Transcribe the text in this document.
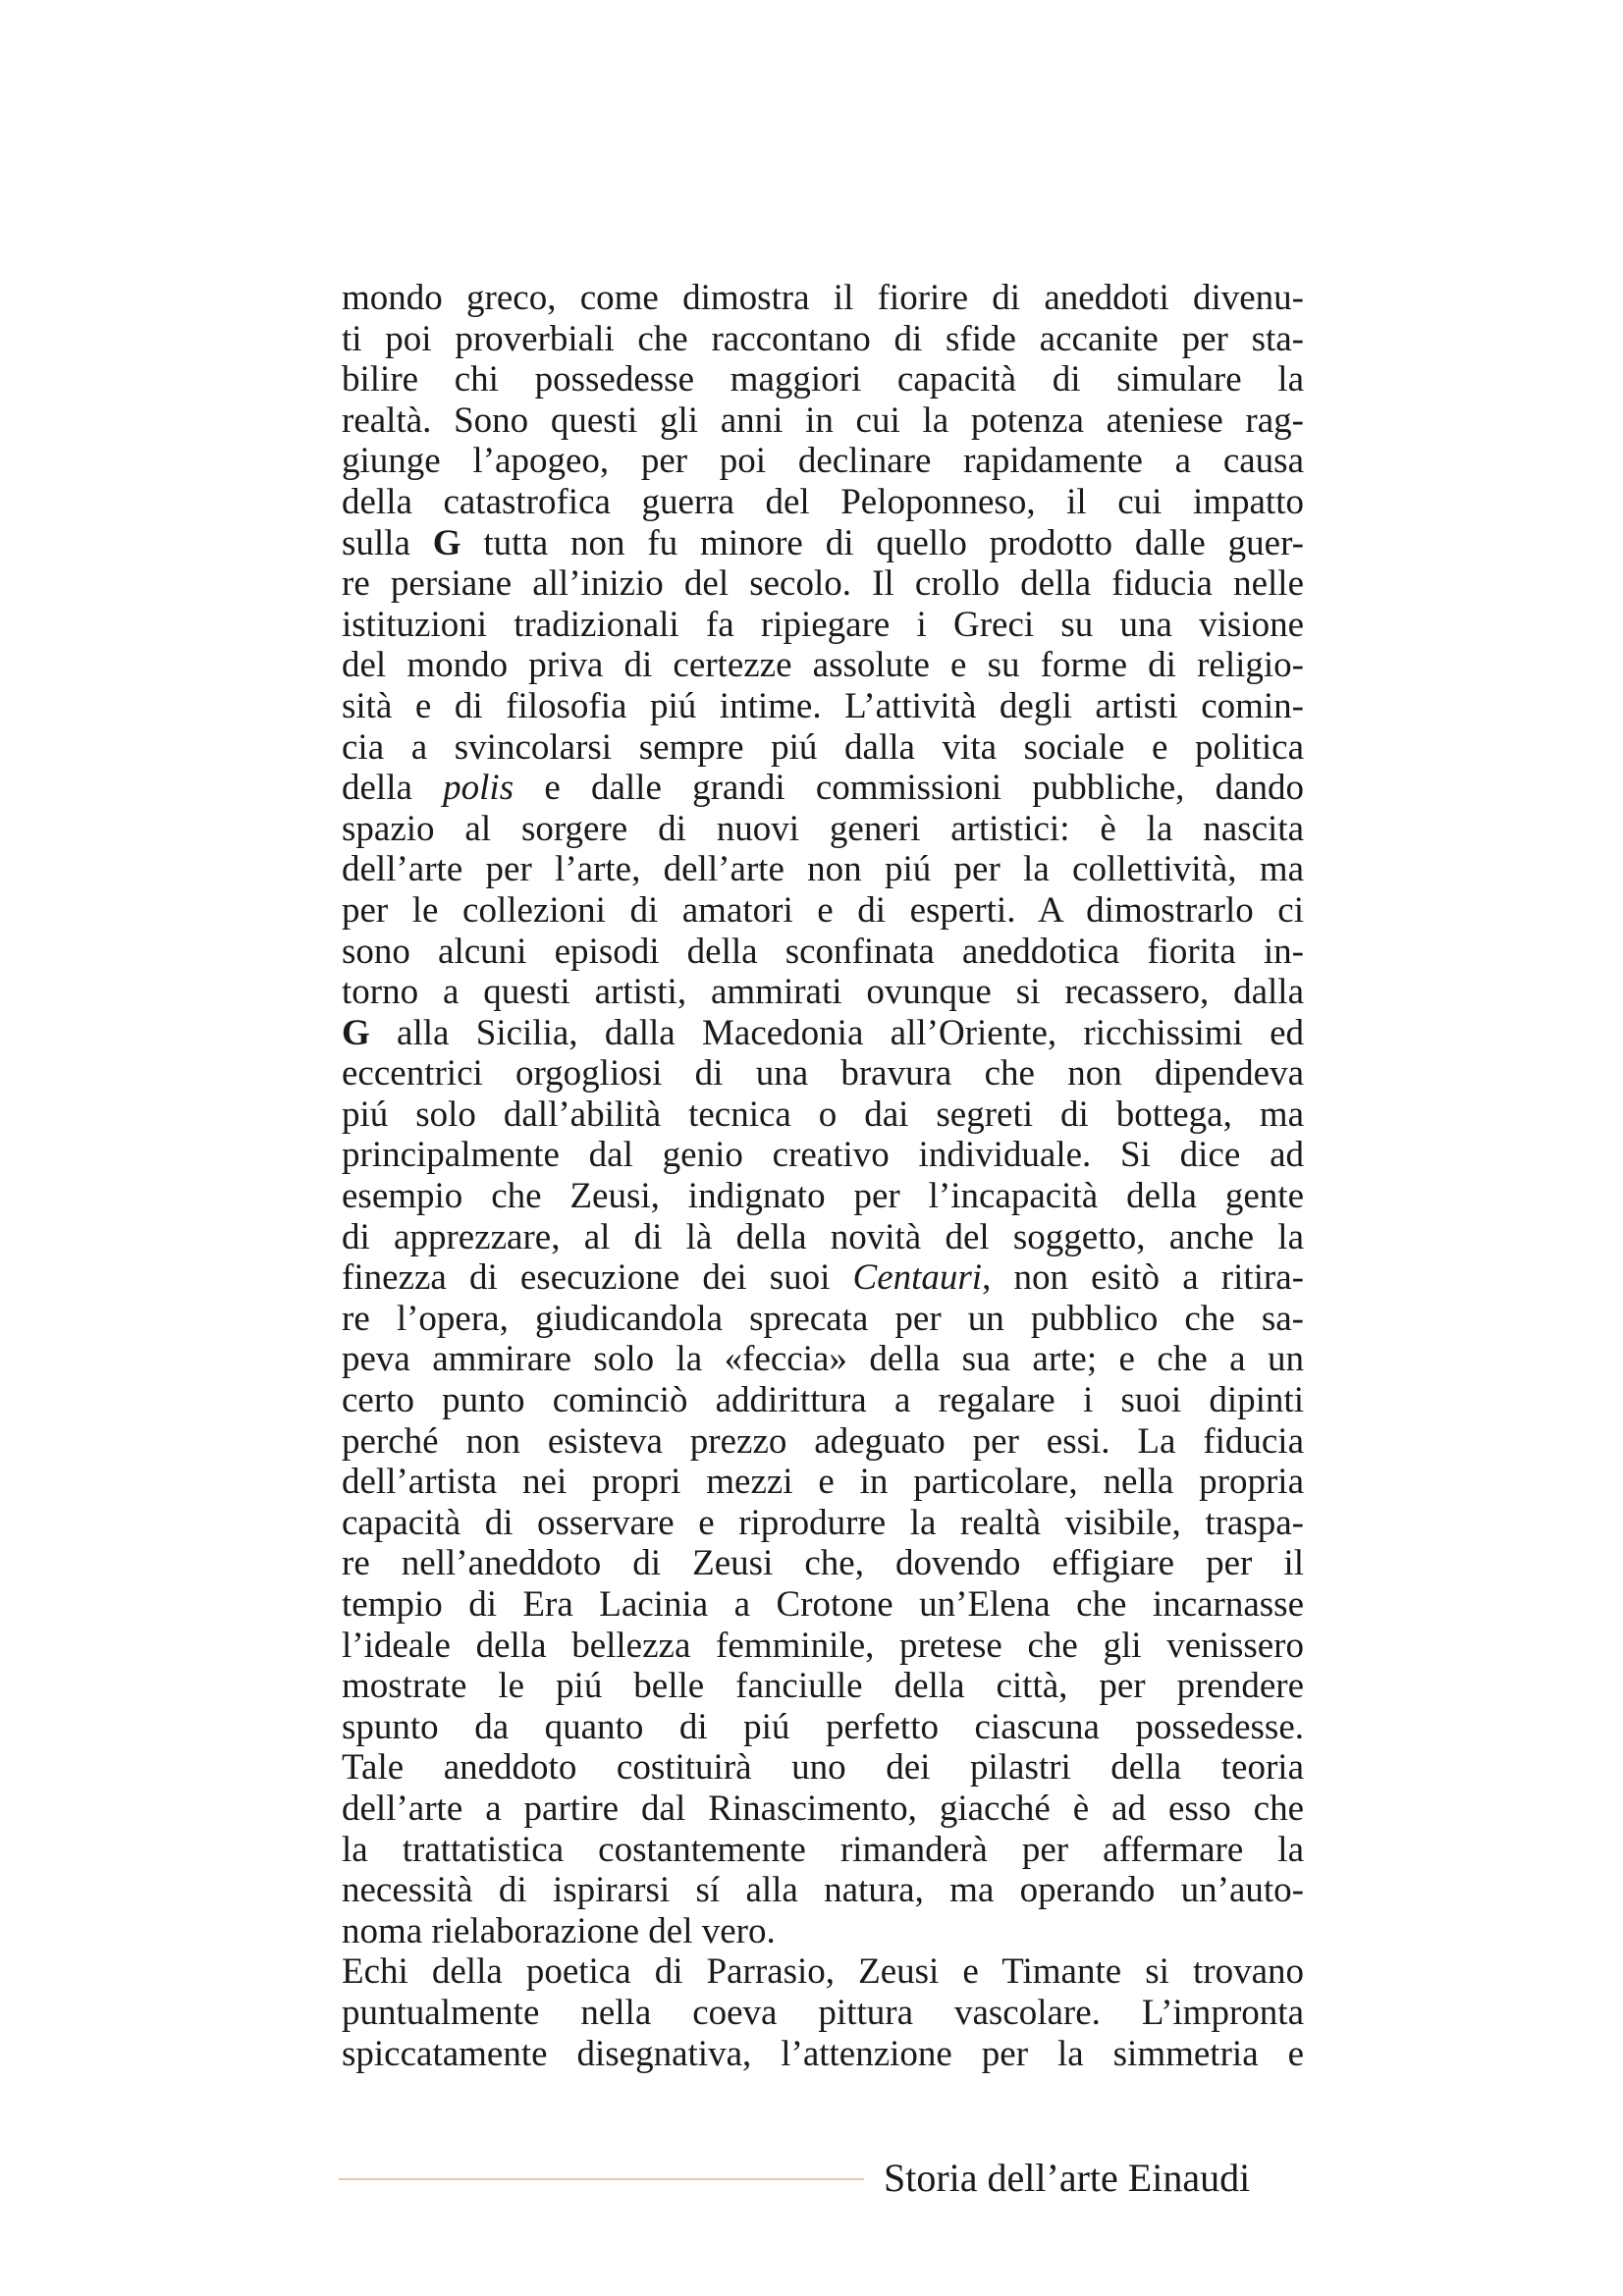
mondo greco, come dimostra il fiorire di aneddoti divenu-
ti poi proverbiali che raccontano di sfide accanite per sta-
bilire chi possedesse maggiori capacità di simulare la
realtà. Sono questi gli anni in cui la potenza ateniese rag-
giunge l’apogeo, per poi declinare rapidamente a causa
della catastrofica guerra del Peloponneso, il cui impatto
sulla G tutta non fu minore di quello prodotto dalle guer-
re persiane all’inizio del secolo. Il crollo della fiducia nelle
istituzioni tradizionali fa ripiegare i Greci su una visione
del mondo priva di certezze assolute e su forme di religio-
sità e di filosofia piú intime. L’attività degli artisti comin-
cia a svincolarsi sempre piú dalla vita sociale e politica
della polis e dalle grandi commissioni pubbliche, dando
spazio al sorgere di nuovi generi artistici: è la nascita
dell’arte per l’arte, dell’arte non piú per la collettività, ma
per le collezioni di amatori e di esperti. A dimostrarlo ci
sono alcuni episodi della sconfinata aneddotica fiorita in-
torno a questi artisti, ammirati ovunque si recassero, dalla
G alla Sicilia, dalla Macedonia all’Oriente, ricchissimi ed
eccentrici orgogliosi di una bravura che non dipendeva
piú solo dall’abilità tecnica o dai segreti di bottega, ma
principalmente dal genio creativo individuale. Si dice ad
esempio che Zeusi, indignato per l’incapacità della gente
di apprezzare, al di là della novità del soggetto, anche la
finezza di esecuzione dei suoi Centauri, non esitò a ritira-
re l’opera, giudicandola sprecata per un pubblico che sa-
peva ammirare solo la «feccia» della sua arte; e che a un
certo punto cominciò addirittura a regalare i suoi dipinti
perché non esisteva prezzo adeguato per essi. La fiducia
dell’artista nei propri mezzi e in particolare, nella propria
capacità di osservare e riprodurre la realtà visibile, traspa-
re nell’aneddoto di Zeusi che, dovendo effigiare per il
tempio di Era Lacinia a Crotone un’Elena che incarnasse
l’ideale della bellezza femminile, pretese che gli venissero
mostrate le piú belle fanciulle della città, per prendere
spunto da quanto di piú perfetto ciascuna possedesse.
Tale aneddoto costituirà uno dei pilastri della teoria
dell’arte a partire dal Rinascimento, giacché è ad esso che
la trattatistica costantemente rimanderà per affermare la
necessità di ispirarsi sí alla natura, ma operando un’auto-
noma rielaborazione del vero.
Echi della poetica di Parrasio, Zeusi e Timante si trovano
puntualmente nella coeva pittura vascolare. L’impronta
spiccatamente disegnativa, l’attenzione per la simmetria e
Storia dell’arte Einaudi
